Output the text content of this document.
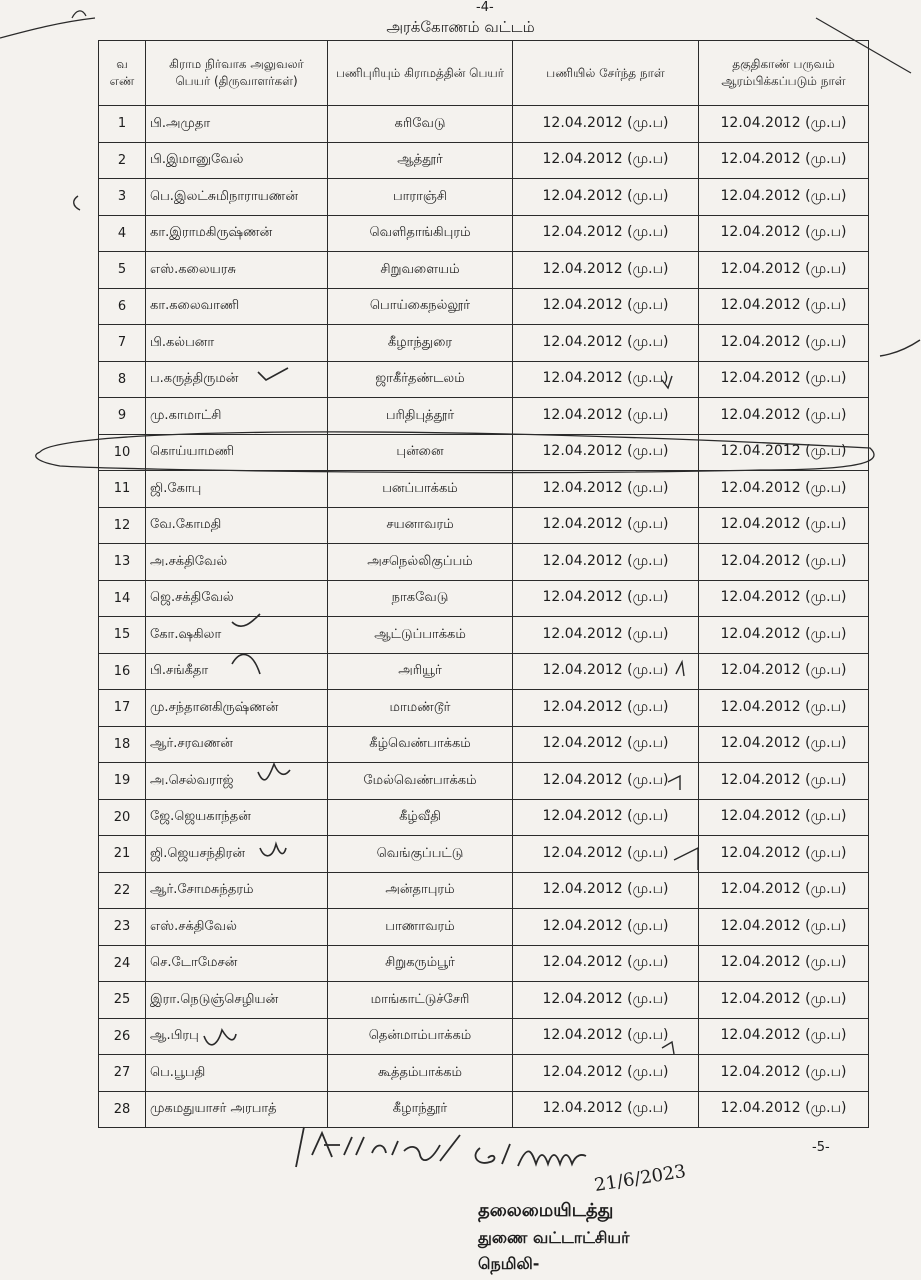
-4-
அரக்கோணம் வட்டம்
வ எண்	கிராம நிர்வாக அலுவலர் பெயர் (திருவாளர்கள்)	பணிபுரியும் கிராமத்தின் பெயர்	பணியில் சேர்ந்த நாள்	தகுதிகாண் பருவம் ஆரம்பிக்கப்படும் நாள்
1	பி.அமுதா	கரிவேடு	12.04.2012 (மு.ப)	12.04.2012 (மு.ப)
2	பி.இமானுவேல்	ஆத்தூர்	12.04.2012 (மு.ப)	12.04.2012 (மு.ப)
3	பெ.இலட்சுமிநாராயணன்	பாராஞ்சி	12.04.2012 (மு.ப)	12.04.2012 (மு.ப)
4	கா.இராமகிருஷ்ணன்	வெளிதாங்கிபுரம்	12.04.2012 (மு.ப)	12.04.2012 (மு.ப)
5	எஸ்.கலையரசு	சிறுவளையம்	12.04.2012 (மு.ப)	12.04.2012 (மு.ப)
6	கா.கலைவாணி	பொய்கைநல்லூர்	12.04.2012 (மு.ப)	12.04.2012 (மு.ப)
7	பி.கல்பனா	கீழாந்துரை	12.04.2012 (மு.ப)	12.04.2012 (மு.ப)
8	ப.கருத்திருமன்	ஜாகீர்தண்டலம்	12.04.2012 (மு.ப)	12.04.2012 (மு.ப)
9	மு.காமாட்சி	பரிதிபுத்தூர்	12.04.2012 (மு.ப)	12.04.2012 (மு.ப)
10	கொய்யாமணி	புன்னை	12.04.2012 (மு.ப)	12.04.2012 (மு.ப)
11	ஜி.கோபு	பனப்பாக்கம்	12.04.2012 (மு.ப)	12.04.2012 (மு.ப)
12	வே.கோமதி	சயனாவரம்	12.04.2012 (மு.ப)	12.04.2012 (மு.ப)
13	அ.சக்திவேல்	அசநெல்லிகுப்பம்	12.04.2012 (மு.ப)	12.04.2012 (மு.ப)
14	ஜெ.சக்திவேல்	நாகவேடு	12.04.2012 (மு.ப)	12.04.2012 (மு.ப)
15	கோ.ஷகிலா	ஆட்டுப்பாக்கம்	12.04.2012 (மு.ப)	12.04.2012 (மு.ப)
16	பி.சங்கீதா	அரியூர்	12.04.2012 (மு.ப)	12.04.2012 (மு.ப)
17	மு.சந்தானகிருஷ்ணன்	மாமண்டூர்	12.04.2012 (மு.ப)	12.04.2012 (மு.ப)
18	ஆர்.சரவணன்	கீழ்வெண்பாக்கம்	12.04.2012 (மு.ப)	12.04.2012 (மு.ப)
19	அ.செல்வராஜ்	மேல்வெண்பாக்கம்	12.04.2012 (மு.ப)	12.04.2012 (மு.ப)
20	ஜே.ஜெயகாந்தன்	கீழ்வீதி	12.04.2012 (மு.ப)	12.04.2012 (மு.ப)
21	ஜி.ஜெயசந்திரன்	வெங்குப்பட்டு	12.04.2012 (மு.ப)	12.04.2012 (மு.ப)
22	ஆர்.சோமசுந்தரம்	அன்தாபுரம்	12.04.2012 (மு.ப)	12.04.2012 (மு.ப)
23	எஸ்.சக்திவேல்	பாணாவரம்	12.04.2012 (மு.ப)	12.04.2012 (மு.ப)
24	செ.டோமேசன்	சிறுகரும்பூர்	12.04.2012 (மு.ப)	12.04.2012 (மு.ப)
25	இரா.நெடுஞ்செழியன்	மாங்காட்டுச்சேரி	12.04.2012 (மு.ப)	12.04.2012 (மு.ப)
26	ஆ.பிரபு	தென்மாம்பாக்கம்	12.04.2012 (மு.ப)	12.04.2012 (மு.ப)
27	பெ.பூபதி	கூத்தம்பாக்கம்	12.04.2012 (மு.ப)	12.04.2012 (மு.ப)
28	முகமதுயாசர் அரபாத்	கீழாந்தூர்	12.04.2012 (மு.ப)	12.04.2012 (மு.ப)
21/6/2023
-5-
தலைமையிடத்து
துணை வட்டாட்சியர்
நெமிலி-
